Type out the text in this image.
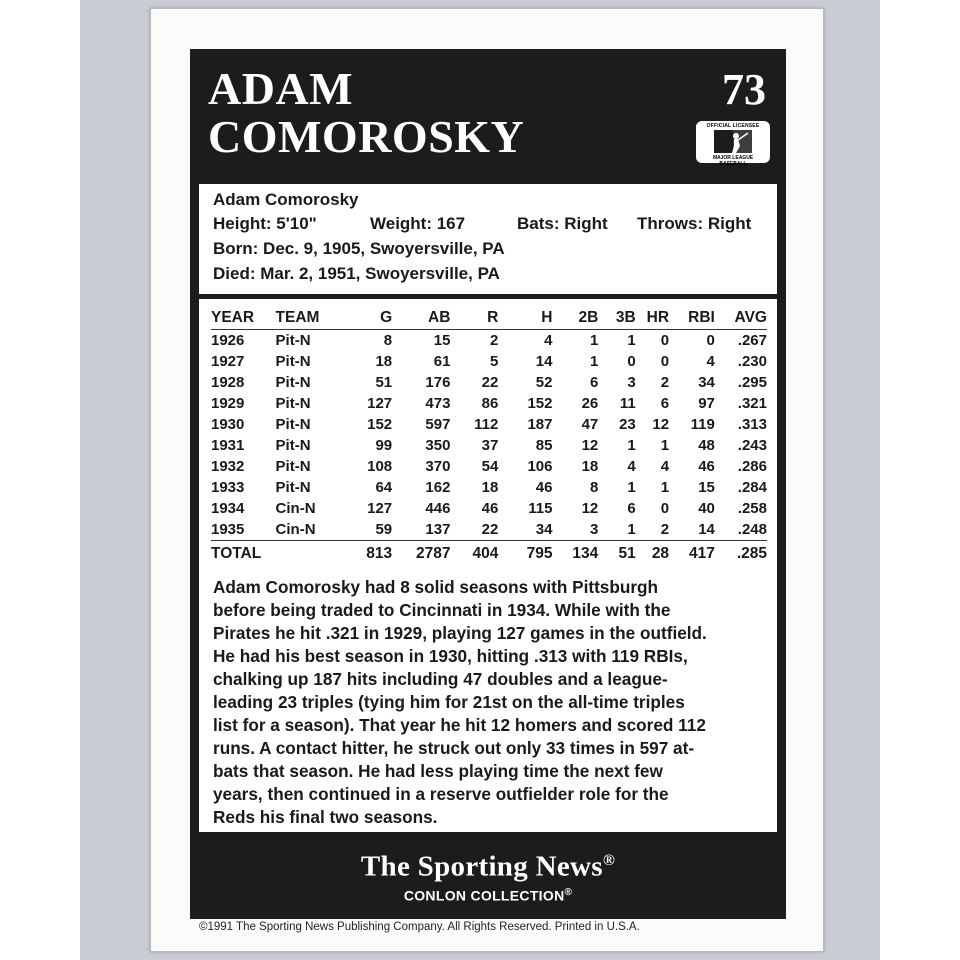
ADAM
COMOROSKY
73
OFFICIAL LICENSEE
MAJOR LEAGUE BASEBALL
Adam Comorosky
Height: 5'10"	Weight: 167	Bats: Right Throws: Right
Born: Dec. 9, 1905, Swoyersville, PA
Died: Mar. 2, 1951, Swoyersville, PA
YEAR	TEAM	G	AB	R	H	2B	3B	HR	RBI	AVG
1926	Pit-N	8	15	2	4	1	1	0	0	.267
1927	Pit-N	18	61	5	14	1	0	0	4	.230
1928	Pit-N	51	176	22	52	6	3	2	34	.295
1929	Pit-N	127	473	86	152	26	11	6	97	.321
1930	Pit-N	152	597	112	187	47	23	12	119	.313
1931	Pit-N	99	350	37	85	12	1	1	48	.243
1932	Pit-N	108	370	54	106	18	4	4	46	.286
1933	Pit-N	64	162	18	46	8	1	1	15	.284
1934	Cin-N	127	446	46	115	12	6	0	40	.258
1935	Cin-N	59	137	22	34	3	1	2	14	.248
TOTAL		813	2787	404	795	134	51	28	417	.285
Adam Comorosky had 8 solid seasons with Pittsburgh
before being traded to Cincinnati in 1934. While with the
Pirates he hit .321 in 1929, playing 127 games in the outfield.
He had his best season in 1930, hitting .313 with 119 RBIs,
chalking up 187 hits including 47 doubles and a league-
leading 23 triples (tying him for 21st on the all-time triples
list for a season). That year he hit 12 homers and scored 112
runs. A contact hitter, he struck out only 33 times in 597 at-
bats that season. He had less playing time the next few
years, then continued in a reserve outfielder role for the
Reds his final two seasons.
The Sporting News®
CONLON COLLECTION®
©1991 The Sporting News Publishing Company. All Rights Reserved. Printed in U.S.A.
